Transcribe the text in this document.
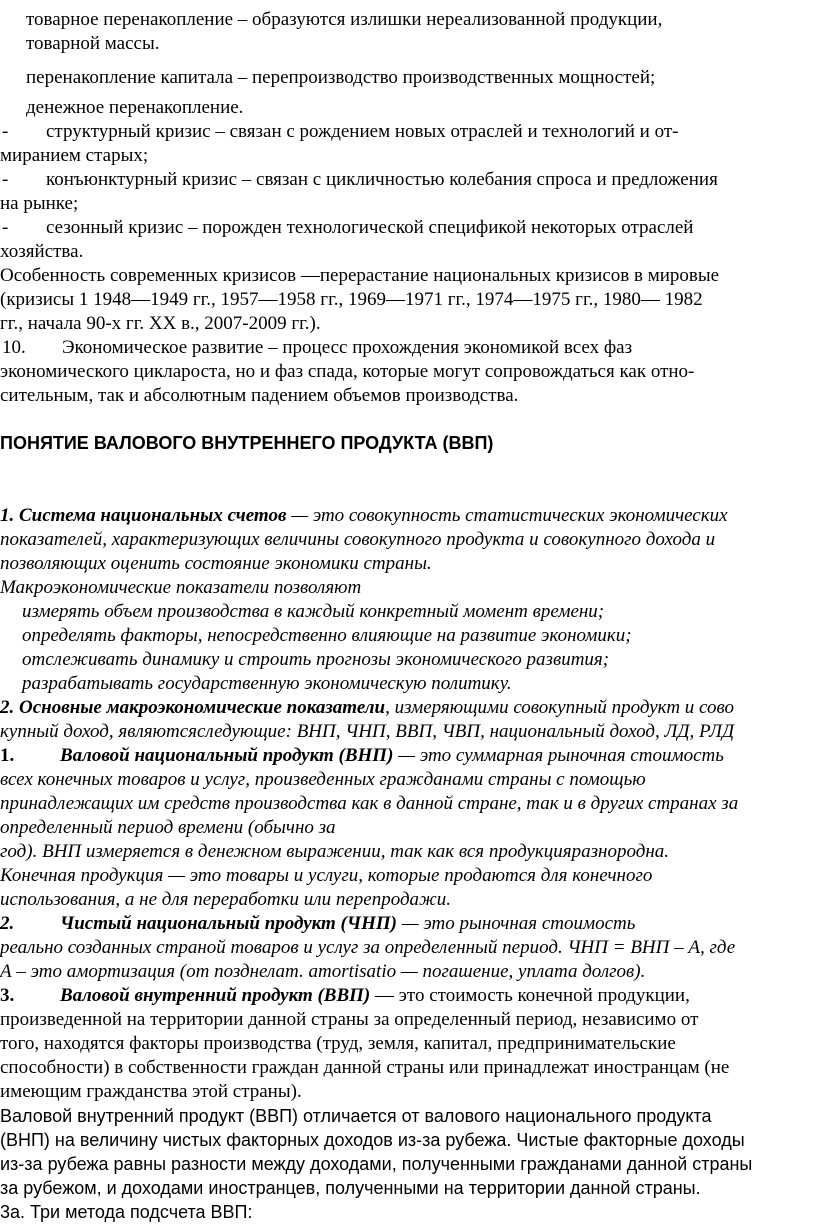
товарное перенакопление – образуются излишки нереализованной продукции,
товарной массы.
перенакопление капитала – перепроизводство производственных мощностей;
денежное перенакопление.
- структурный кризис – связан с рождением новых отраслей и технологий и от-
миранием старых;
- конъюнктурный кризис – связан с цикличностью колебания спроса и предложения
на рынке;
- сезонный кризис – порожден технологической спецификой некоторых отраслей
хозяйства.
Особенность современных кризисов —перерастание национальных кризисов в мировые
(кризисы 1 1948—1949 гг., 1957—1958 гг., 1969—1971 гг., 1974—1975 гг., 1980— 1982
гг., начала 90-х гг. XX в., 2007-2009 гг.).
10. Экономическое развитие – процесс прохождения экономикой всех фаз
экономического циклароста, но и фаз спада, которые могут сопровождаться как отно-
сительным, так и абсолютным падением объемов производства.
ПОНЯТИЕ ВАЛОВОГО ВНУТРЕННЕГО ПРОДУКТА (ВВП)
1. Система национальных счетов — это совокупность статистических экономических
показателей, характеризующих величины совокупного продукта и совокупного дохода и
позволяющих оценить состояние экономики страны.
Макроэкономические показатели позволяют
измерять объем производства в каждый конкретный момент времени;
определять факторы, непосредственно влияющие на развитие экономики;
отслеживать динамику и строить прогнозы экономического развития;
разрабатывать государственную экономическую политику.
2. Основные макроэкономические показатели, измеряющими совокупный продукт и сово
купный доход, являютсяследующие: ВНП, ЧНП, ВВП, ЧВП, национальный доход, ЛД, РЛД
1. Валовой национальный продукт (ВНП) — это суммарная рыночная стоимость
всех конечных товаров и услуг, произведенных гражданами страны с помощью
принадлежащих им средств производства как в данной стране, так и в других странах за
определенный период времени (обычно за
год). ВНП измеряется в денежном выражении, так как вся продукцияразнородна.
Конечная продукция — это товары и услуги, которые продаются для конечного
использования, а не для переработки или перепродажи.
2. Чистый национальный продукт (ЧНП) — это рыночная стоимость
реально созданных страной товаров и услуг за определенный период. ЧНП = ВНП – А, где
А – это амортизация (от позднелат. amortisatio — погашение, уплата долгов).
3. Валовой внутренний продукт (ВВП) — это стоимость конечной продукции,
произведенной на территории данной страны за определенный период, независимо от
того, находятся факторы производства (труд, земля, капитал, предпринимательские
способности) в собственности граждан данной страны или принадлежат иностранцам (не
имеющим гражданства этой страны).
Валовой внутренний продукт (ВВП) отличается от валового национального продукта
(ВНП) на величину чистых факторных доходов из-за рубежа. Чистые факторные доходы
из-за рубежа равны разности между доходами, полученными гражданами данной страны
за рубежом, и доходами иностранцев, полученными на территории данной страны.
3а. Три метода подсчета ВВП:
